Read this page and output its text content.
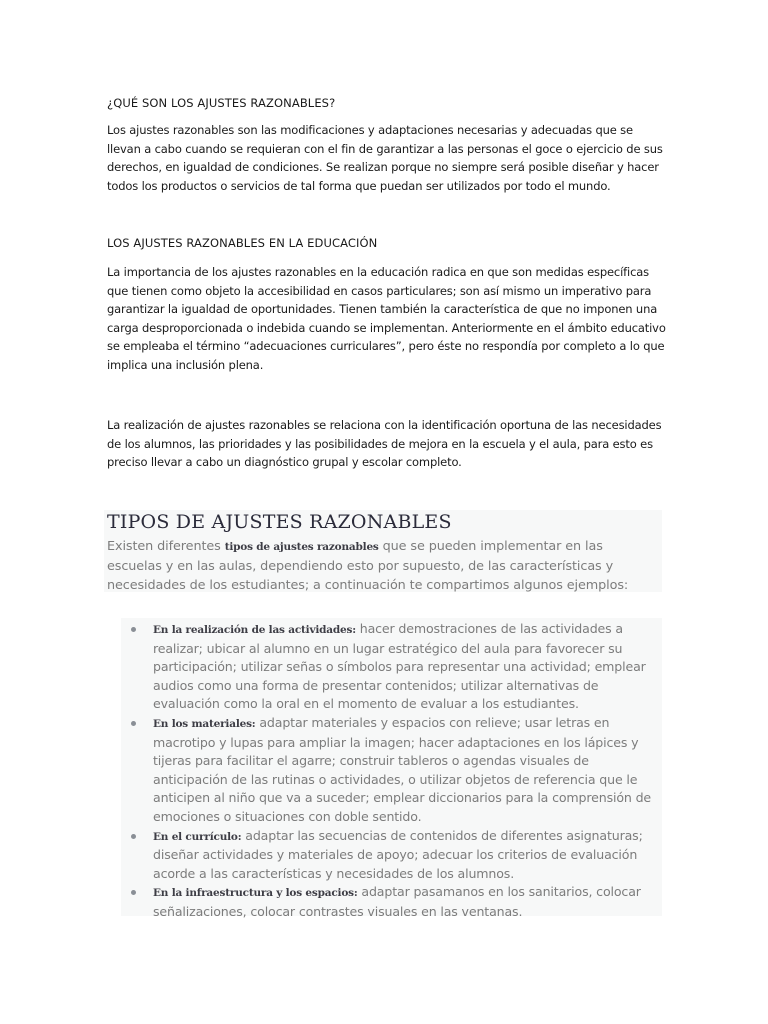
¿QUÉ SON LOS AJUSTES RAZONABLES?

Los ajustes razonables son las modificaciones y adaptaciones necesarias y adecuadas que se llevan a cabo cuando se requieran con el fin de garantizar a las personas el goce o ejercicio de sus derechos, en igualdad de condiciones. Se realizan porque no siempre será posible diseñar y hacer todos los productos o servicios de tal forma que puedan ser utilizados por todo el mundo.

LOS AJUSTES RAZONABLES EN LA EDUCACIÓN

La importancia de los ajustes razonables en la educación radica en que son medidas específicas que tienen como objeto la accesibilidad en casos particulares; son así mismo un imperativo para garantizar la igualdad de oportunidades. Tienen también la característica de que no imponen una carga desproporcionada o indebida cuando se implementan. Anteriormente en el ámbito educativo se empleaba el término “adecuaciones curriculares”, pero éste no respondía por completo a lo que implica una inclusión plena.

La realización de ajustes razonables se relaciona con la identificación oportuna de las necesidades de los alumnos, las prioridades y las posibilidades de mejora en la escuela y el aula, para esto es preciso llevar a cabo un diagnóstico grupal y escolar completo.

TIPOS DE AJUSTES RAZONABLES

Existen diferentes tipos de ajustes razonables que se pueden implementar en las escuelas y en las aulas, dependiendo esto por supuesto, de las características y necesidades de los estudiantes; a continuación te compartimos algunos ejemplos:

En la realización de las actividades: hacer demostraciones de las actividades a realizar; ubicar al alumno en un lugar estratégico del aula para favorecer su participación; utilizar señas o símbolos para representar una actividad; emplear audios como una forma de presentar contenidos; utilizar alternativas de evaluación como la oral en el momento de evaluar a los estudiantes.
En los materiales: adaptar materiales y espacios con relieve; usar letras en macrotipo y lupas para ampliar la imagen; hacer adaptaciones en los lápices y tijeras para facilitar el agarre; construir tableros o agendas visuales de anticipación de las rutinas o actividades, o utilizar objetos de referencia que le anticipen al niño que va a suceder; emplear diccionarios para la comprensión de emociones o situaciones con doble sentido.
En el currículo: adaptar las secuencias de contenidos de diferentes asignaturas; diseñar actividades y materiales de apoyo; adecuar los criterios de evaluación acorde a las características y necesidades de los alumnos.
En la infraestructura y los espacios: adaptar pasamanos en los sanitarios, colocar señalizaciones, colocar contrastes visuales en las ventanas.
